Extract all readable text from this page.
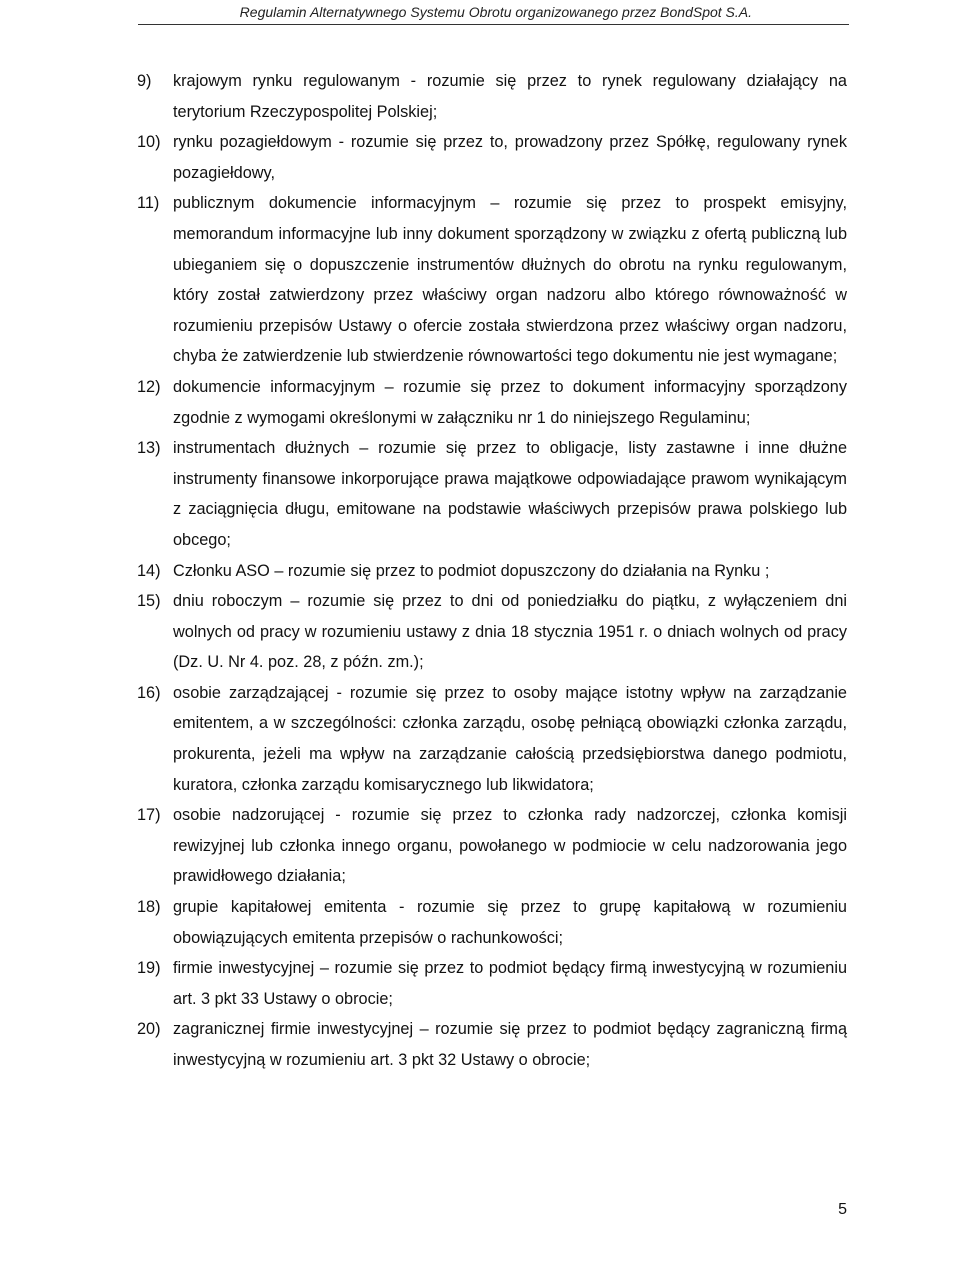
Regulamin Alternatywnego Systemu Obrotu organizowanego przez BondSpot S.A.
9)	krajowym rynku regulowanym - rozumie się przez to rynek regulowany działający na terytorium Rzeczypospolitej Polskiej;
10) rynku pozagiełdowym - rozumie się przez to, prowadzony przez Spółkę, regulowany rynek pozagiełdowy,
11) publicznym dokumencie informacyjnym – rozumie się przez to prospekt emisyjny, memorandum informacyjne lub inny dokument sporządzony w związku z ofertą publiczną lub ubieganiem się o dopuszczenie instrumentów dłużnych do obrotu na rynku regulowanym, który został zatwierdzony przez właściwy organ nadzoru albo którego równoważność w rozumieniu przepisów Ustawy o ofercie została stwierdzona przez właściwy organ nadzoru, chyba że zatwierdzenie lub stwierdzenie równowartości tego dokumentu nie jest wymagane;
12) dokumencie informacyjnym – rozumie się przez to dokument informacyjny sporządzony zgodnie z wymogami określonymi w załączniku nr 1 do niniejszego Regulaminu;
13) instrumentach dłużnych – rozumie się przez to obligacje, listy zastawne i inne dłużne instrumenty finansowe inkorporujące prawa majątkowe odpowiadające prawom wynikającym z zaciągnięcia długu, emitowane na podstawie właściwych przepisów prawa polskiego lub obcego;
14) Członku ASO – rozumie się przez to podmiot dopuszczony do działania na Rynku ;
15) dniu roboczym – rozumie się przez to dni od poniedziałku do piątku, z wyłączeniem dni wolnych od pracy w rozumieniu ustawy z dnia 18 stycznia 1951 r. o dniach wolnych od pracy (Dz. U. Nr 4. poz. 28, z późn. zm.);
16) osobie zarządzającej - rozumie się przez to osoby mające istotny wpływ na zarządzanie emitentem, a w szczególności: członka zarządu, osobę pełniącą obowiązki członka zarządu, prokurenta, jeżeli ma wpływ na zarządzanie całością przedsiębiorstwa danego podmiotu, kuratora, członka zarządu komisarycznego lub likwidatora;
17) osobie nadzorującej - rozumie się przez to członka rady nadzorczej, członka komisji rewizyjnej lub członka innego organu, powołanego w podmiocie w celu nadzorowania jego prawidłowego działania;
18) grupie kapitałowej emitenta - rozumie się przez to grupę kapitałową w rozumieniu obowiązujących emitenta przepisów o rachunkowości;
19) firmie inwestycyjnej – rozumie się przez to podmiot będący firmą inwestycyjną w rozumieniu art. 3 pkt 33 Ustawy o obrocie;
20) zagranicznej firmie inwestycyjnej – rozumie się przez to podmiot będący zagraniczną firmą inwestycyjną w rozumieniu art. 3 pkt 32 Ustawy o obrocie;
5
